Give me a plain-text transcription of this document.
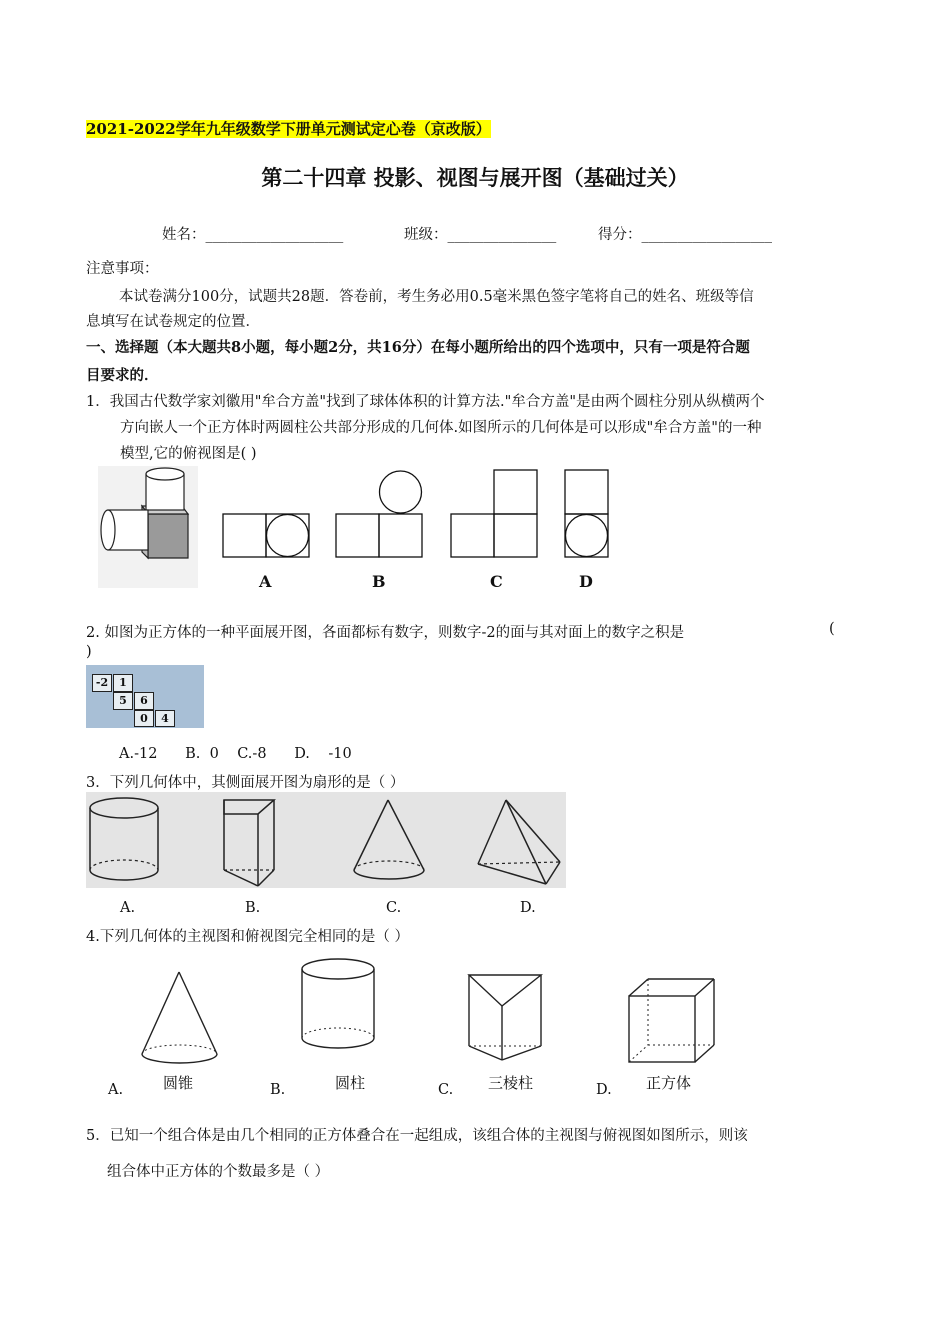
2021-2022学年九年级数学下册单元测试定心卷（京改版）
第二十四章 投影、视图与展开图（基础过关）
姓名：___________________	班级：_______________	得分：__________________
注意事项：
本试卷满分100分，试题共28题．答卷前，考生务必用0.5毫米黑色签字笔将自己的姓名、班级等信
息填写在试卷规定的位置．
一、选择题（本大题共8小题，每小题2分，共16分）在每小题所给出的四个选项中，只有一项是符合题
目要求的．
1．我国古代数学家刘徽用"牟合方盖"找到了球体体积的计算方法."牟合方盖"是由两个圆柱分别从纵横两个
方向嵌人一个正方体时两圆柱公共部分形成的几何体.如图所示的几何体是可以形成"牟合方盖"的一种
模型,它的俯视图是( )
A	B	C	D
2. 如图为正方体的一种平面展开图，各面都标有数字，则数字-2的面与其对面上的数字之积是	(
)
-2	1
5	6
0	4
A.-12      B.  0    C.-8      D.    -10
3．下列几何体中，其侧面展开图为扇形的是（ ）
A.	B.	C.	D.
4.下列几何体的主视图和俯视图完全相同的是（ ）
A.	圆锥	B.	圆柱	C. 三棱柱	D. 正方体
5．已知一个组合体是由几个相同的正方体叠合在一起组成，该组合体的主视图与俯视图如图所示，则该
组合体中正方体的个数最多是（ ）
